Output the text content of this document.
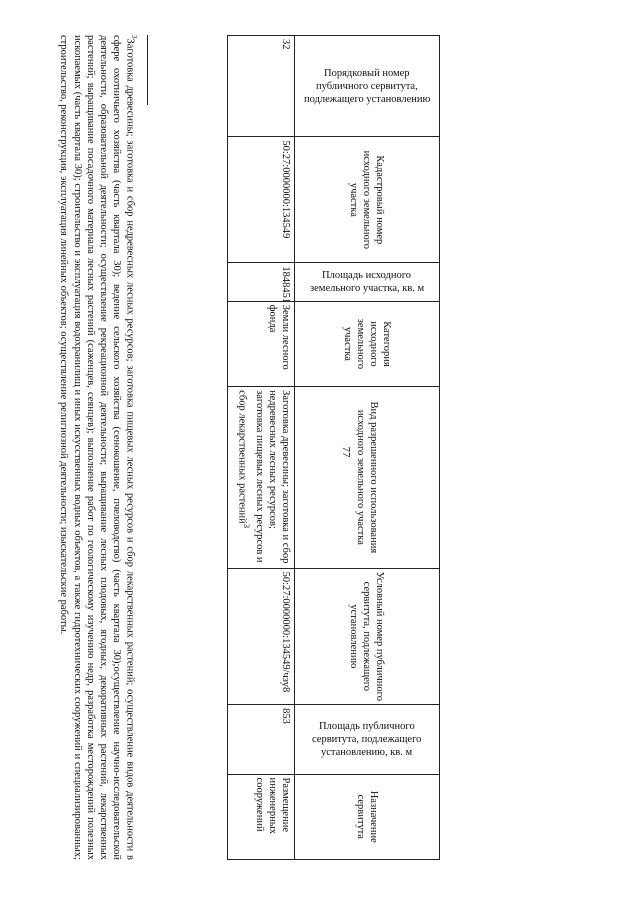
77
Порядковый номер публичного сервитута, подлежащего установлению	Кадастровый номер исходного земельного участка	Площадь исходного земельного участка, кв. м	Категория исходного земельного участка	Вид разрешенного использования исходного земельного участка	Условный номер публичного сервитута, подлежащего установлению	Площадь публичного сервитута, подлежащего установлению, кв. м	Назначение сервитута
32	50:27:0000000:134549	1848451	Земли лесного фонда	Заготовка древесины; заготовка и сбор недревесных лесных ресурсов; заготовка пищевых лесных ресурсов и сбор лекарственных растений$^3$	50:27:0000000:134549/чзу8	853	Размещение инженерных сооружений
$^3$Заготовка древесины; заготовка и сбор недревесных лесных ресурсов; заготовка пищевых лесных ресурсов и сбор лекарственных растений; осуществление видов деятельности в сфере охотничьего хозяйства (часть квартала 30); ведение сельского хозяйства (сенокошение, пчеловодство) (часть квартала 30);осуществление научно-исследовательской деятельности, образовательной деятельности; осуществление рекреационной деятельности; выращивание лесных плодовых, ягодных, декоративных растений, лекарственных растений; выращивание посадочного материала лесных растений (саженцев, сеянцев); выполнение работ по геологическому изучению недр, разработка месторождений полезных ископаемых (часть квартала 30); строительство и эксплуатация водохранилищ и иных искусственных водных объектов, а также гидротехнических сооружений и специализированных; строительство, реконструкция, эксплуатация линейных объектов; осуществление религиозной деятельности; изыскательские работы.
